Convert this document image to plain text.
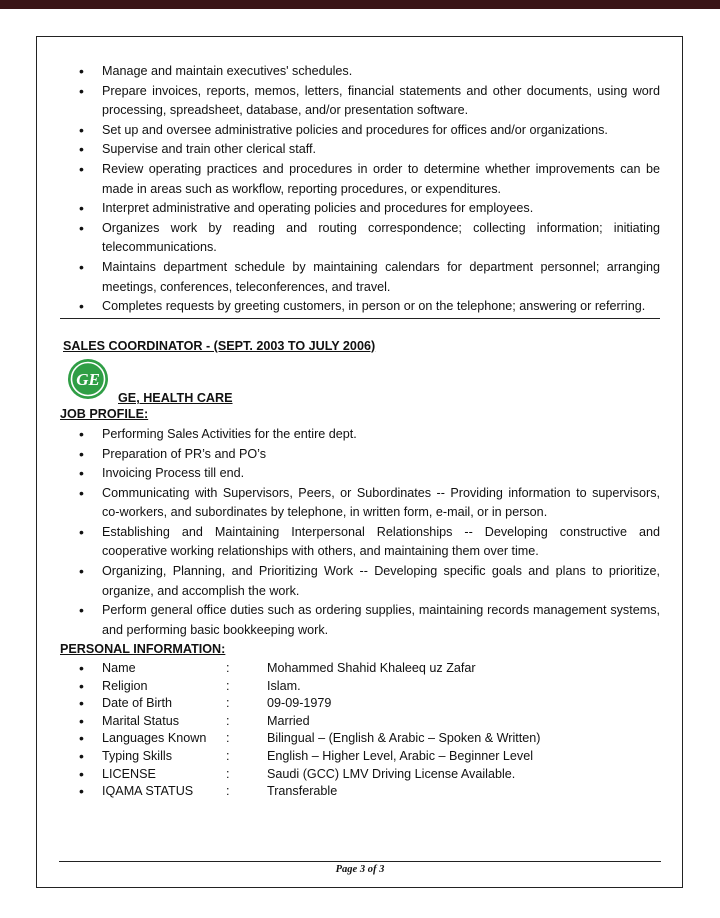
• Manage and maintain executives' schedules.
• Prepare invoices, reports, memos, letters, financial statements and other documents, using word processing, spreadsheet, database, and/or presentation software.
• Set up and oversee administrative policies and procedures for offices and/or organizations.
• Supervise and train other clerical staff.
• Review operating practices and procedures in order to determine whether improvements can be made in areas such as workflow, reporting procedures, or expenditures.
• Interpret administrative and operating policies and procedures for employees.
• Organizes work by reading and routing correspondence; collecting information; initiating telecommunications.
• Maintains department schedule by maintaining calendars for department personnel; arranging meetings, conferences, teleconferences, and travel.
• Completes requests by greeting customers, in person or on the telephone; answering or referring.
SALES COORDINATOR - (SEPT. 2003 TO JULY 2006)
GE
GE, HEALTH CARE
JOB PROFILE:
• Performing Sales Activities for the entire dept.
• Preparation of PR’s and PO’s
• Invoicing Process till end.
• Communicating with Supervisors, Peers, or Subordinates -- Providing information to supervisors, co-workers, and subordinates by telephone, in written form, e-mail, or in person.
• Establishing and Maintaining Interpersonal Relationships -- Developing constructive and cooperative working relationships with others, and maintaining them over time.
• Organizing, Planning, and Prioritizing Work -- Developing specific goals and plans to prioritize, organize, and accomplish the work.
• Perform general office duties such as ordering supplies, maintaining records management systems, and performing basic bookkeeping work.
PERSONAL INFORMATION:
• Name	:	Mohammed Shahid Khaleeq uz Zafar
• Religion	:	Islam.
• Date of Birth	:	09-09-1979
• Marital Status	:	Married
• Languages Known :	Bilingual – (English & Arabic – Spoken & Written)
• Typing Skills	:	English – Higher Level, Arabic – Beginner Level
• LICENSE	:	Saudi (GCC) LMV Driving License Available.
• IQAMA STATUS	:	Transferable
Page 3 of 3
